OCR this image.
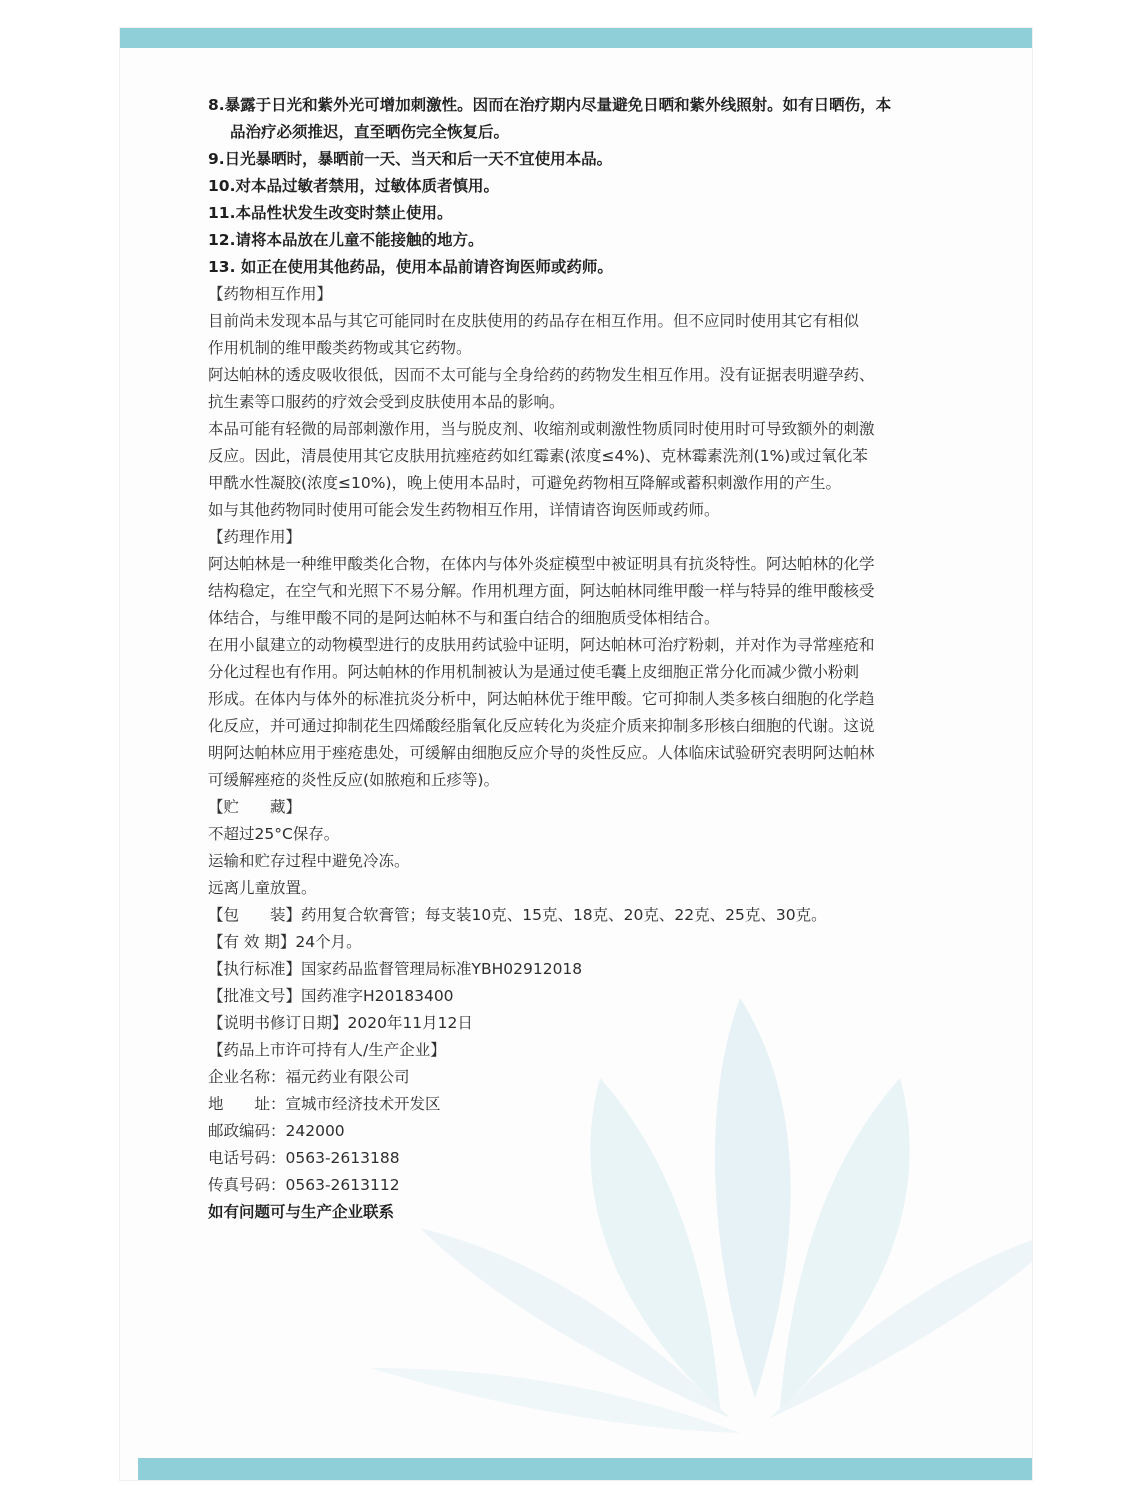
8.暴露于日光和紫外光可增加刺激性。因而在治疗期内尽量避免日晒和紫外线照射。如有日晒伤，本
品治疗必须推迟，直至晒伤完全恢复后。
9.日光暴晒时，暴晒前一天、当天和后一天不宜使用本品。
10.对本品过敏者禁用，过敏体质者慎用。
11.本品性状发生改变时禁止使用。
12.请将本品放在儿童不能接触的地方。
13. 如正在使用其他药品，使用本品前请咨询医师或药师。
【药物相互作用】
目前尚未发现本品与其它可能同时在皮肤使用的药品存在相互作用。但不应同时使用其它有相似
作用机制的维甲酸类药物或其它药物。
阿达帕林的透皮吸收很低，因而不太可能与全身给药的药物发生相互作用。没有证据表明避孕药、
抗生素等口服药的疗效会受到皮肤使用本品的影响。
本品可能有轻微的局部刺激作用，当与脱皮剂、收缩剂或刺激性物质同时使用时可导致额外的刺激
反应。因此，清晨使用其它皮肤用抗痤疮药如红霉素(浓度≤4%)、克林霉素洗剂(1%)或过氧化苯
甲酰水性凝胶(浓度≤10%)，晚上使用本品时，可避免药物相互降解或蓄积刺激作用的产生。
如与其他药物同时使用可能会发生药物相互作用，详情请咨询医师或药师。
【药理作用】
阿达帕林是一种维甲酸类化合物，在体内与体外炎症模型中被证明具有抗炎特性。阿达帕林的化学
结构稳定，在空气和光照下不易分解。作用机理方面，阿达帕林同维甲酸一样与特异的维甲酸核受
体结合，与维甲酸不同的是阿达帕林不与和蛋白结合的细胞质受体相结合。
在用小鼠建立的动物模型进行的皮肤用药试验中证明，阿达帕林可治疗粉刺，并对作为寻常痤疮和
分化过程也有作用。阿达帕林的作用机制被认为是通过使毛囊上皮细胞正常分化而减少微小粉刺
形成。在体内与体外的标准抗炎分析中，阿达帕林优于维甲酸。它可抑制人类多核白细胞的化学趋
化反应，并可通过抑制花生四烯酸经脂氧化反应转化为炎症介质来抑制多形核白细胞的代谢。这说
明阿达帕林应用于痤疮患处，可缓解由细胞反应介导的炎性反应。人体临床试验研究表明阿达帕林
可缓解痤疮的炎性反应(如脓疱和丘疹等)。
【贮　　藏】
不超过25°C保存。
运输和贮存过程中避免冷冻。
远离儿童放置。
【包　　装】药用复合软膏管；每支装10克、15克、18克、20克、22克、25克、30克。
【有 效 期】24个月。
【执行标准】国家药品监督管理局标准YBH02912018
【批准文号】国药准字H20183400
【说明书修订日期】2020年11月12日
【药品上市许可持有人/生产企业】
企业名称：福元药业有限公司
地　　址：宣城市经济技术开发区
邮政编码：242000
电话号码：0563-2613188
传真号码：0563-2613112
如有问题可与生产企业联系
